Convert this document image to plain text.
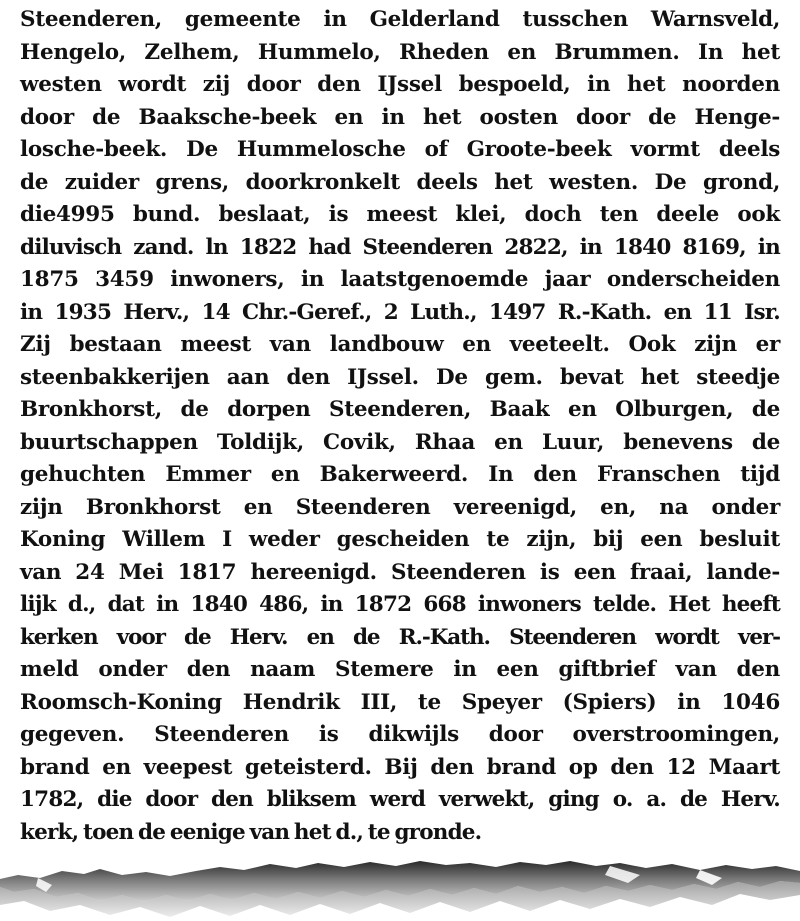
Steenderen, gemeente in Gelderland tusschen Warnsveld,
Hengelo, Zelhem, Hummelo, Rheden en Brummen. In het
westen wordt zij door den IJssel bespoeld, in het noorden
door de Baaksche-beek en in het oosten door de Henge-
losche-beek. De Hummelosche of Groote-beek vormt deels
de zuider grens, doorkronkelt deels het westen. De grond,
die4995 bund. beslaat, is meest klei, doch ten deele ook
diluvisch zand. ln 1822 had Steenderen 2822, in 1840 8169, in
1875 3459 inwoners, in laatstgenoemde jaar onderscheiden
in 1935 Herv., 14 Chr.-Geref., 2 Luth., 1497 R.-Kath. en 11 Isr.
Zij bestaan meest van landbouw en veeteelt. Ook zijn er
steenbakkerijen aan den IJssel. De gem. bevat het steedje
Bronkhorst, de dorpen Steenderen, Baak en Olburgen, de
buurtschappen Toldijk, Covik, Rhaa en Luur, benevens de
gehuchten Emmer en Bakerweerd. In den Franschen tijd
zijn Bronkhorst en Steenderen vereenigd, en, na onder
Koning Willem I weder gescheiden te zijn, bij een besluit
van 24 Mei 1817 hereenigd. Steenderen is een fraai, lande-
lijk d., dat in 1840 486, in 1872 668 inwoners telde. Het heeft
kerken voor de Herv. en de R.-Kath. Steenderen wordt ver-
meld onder den naam Stemere in een giftbrief van den
Roomsch-Koning Hendrik III, te Speyer (Spiers) in 1046
gegeven. Steenderen is dikwijls door overstroomingen,
brand en veepest geteisterd. Bij den brand op den 12 Maart
1782, die door den bliksem werd verwekt, ging o. a. de Herv.
kerk, toen de eenige van het d., te gronde.
